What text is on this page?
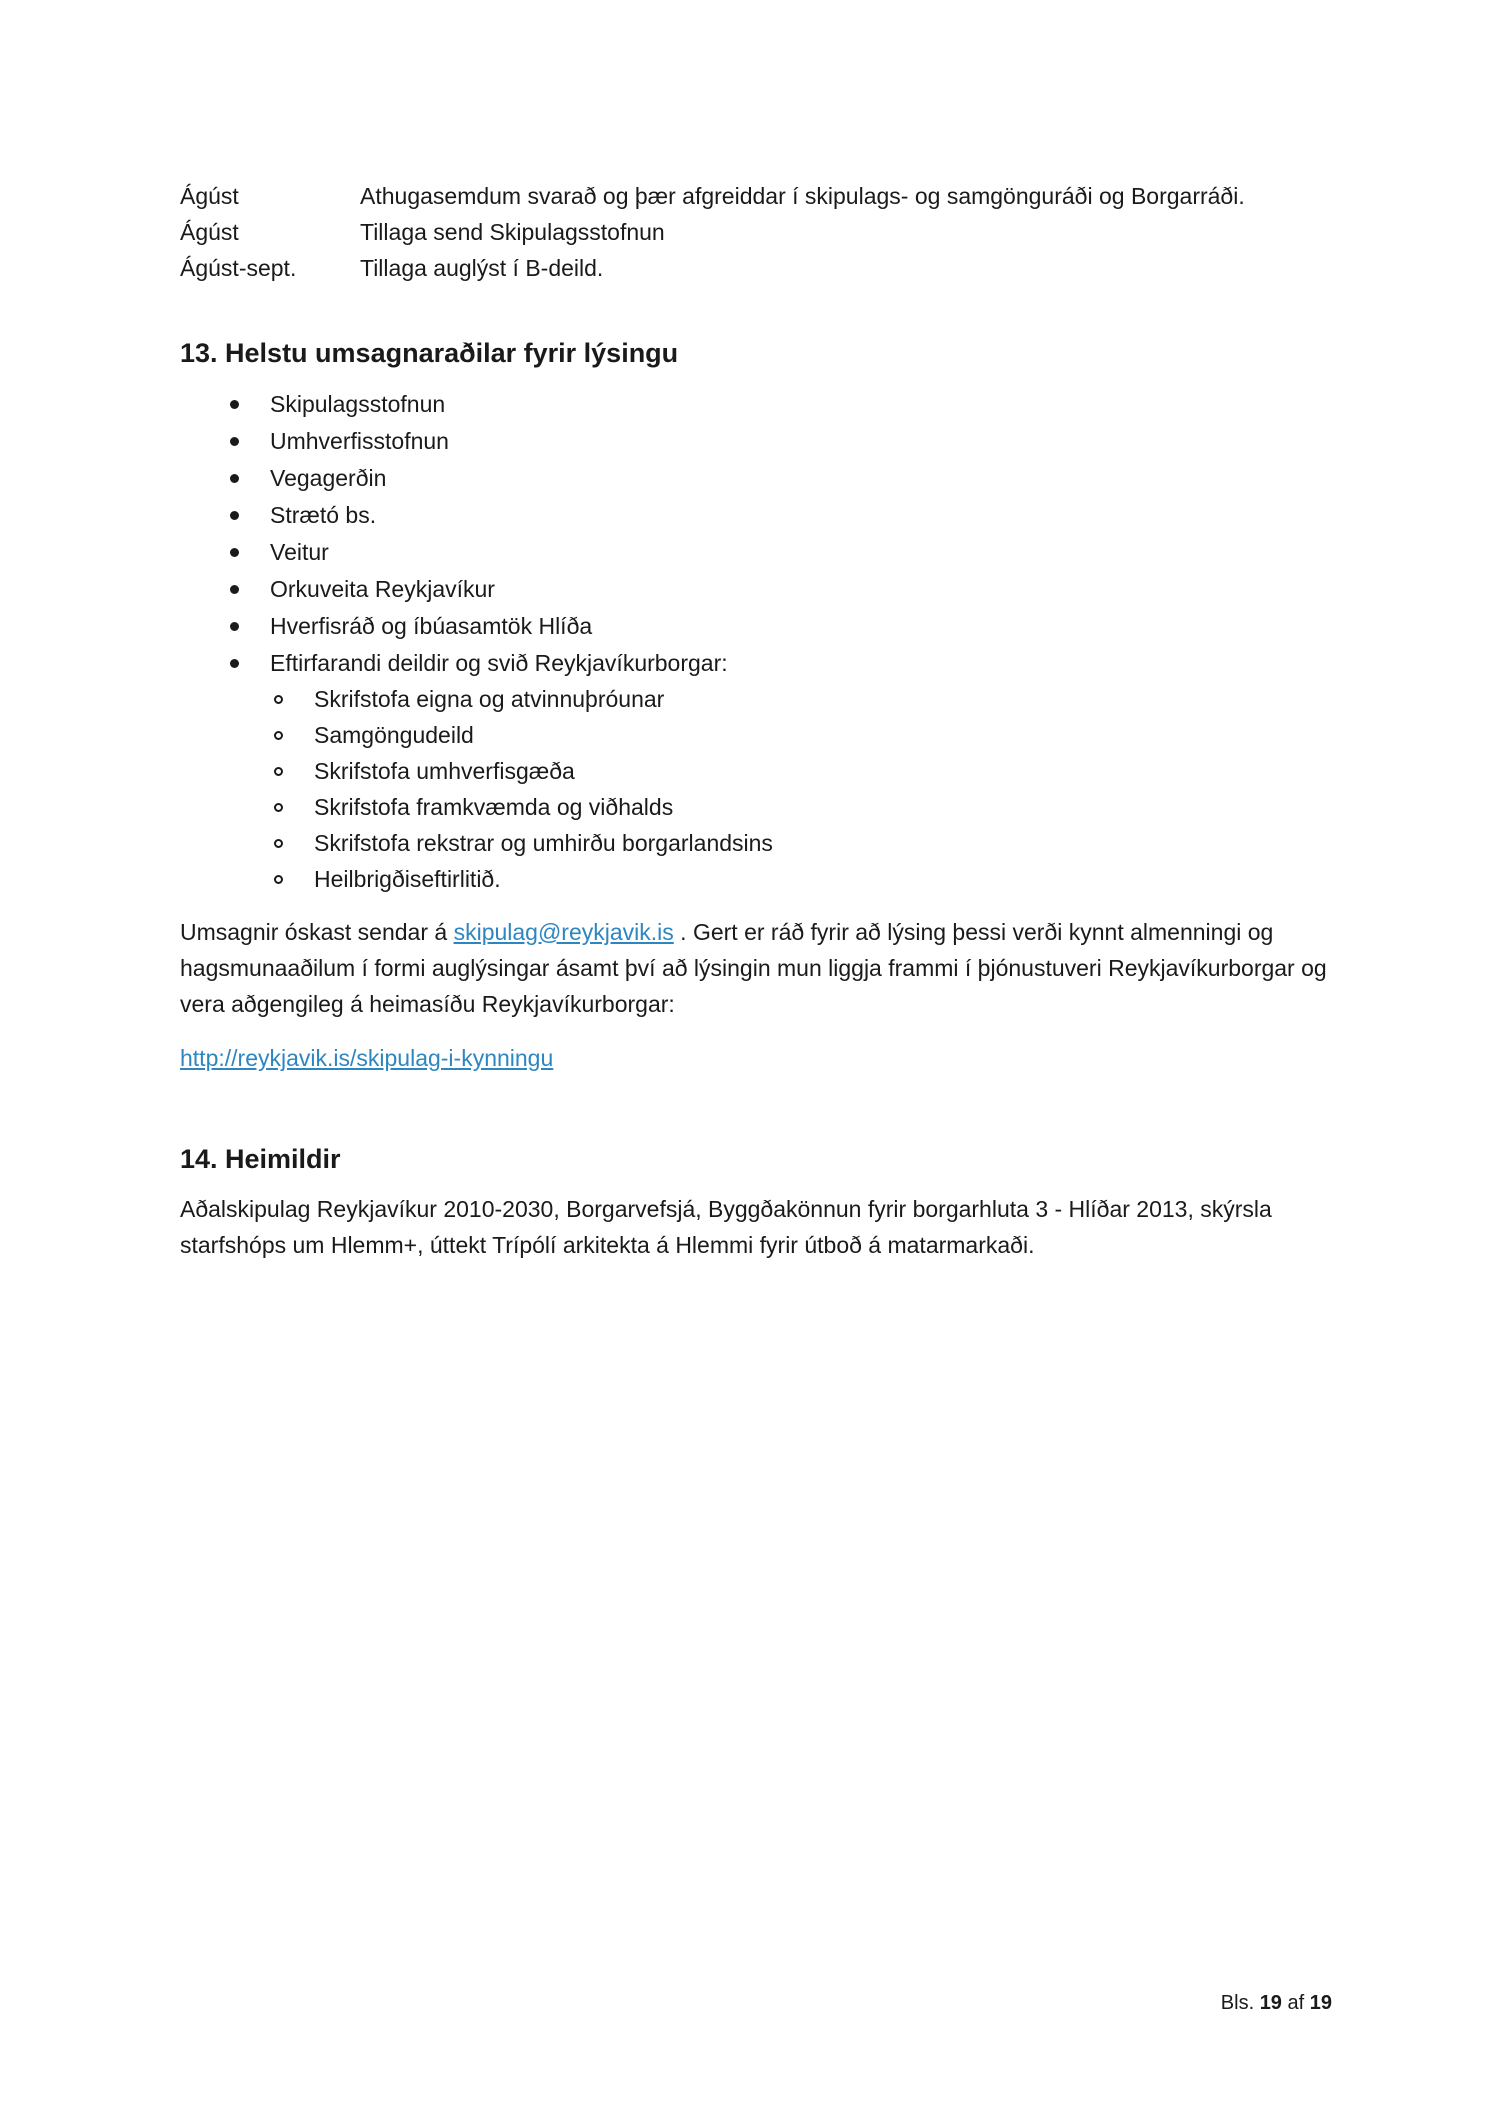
Ágúst	Athugasemdum svarað og þær afgreiddar í skipulags- og samgönguráði og Borgarráði.
Ágúst	Tillaga send Skipulagsstofnun
Ágúst-sept.	Tillaga auglýst í B-deild.
13. Helstu umsagnaraðilar fyrir lýsingu
Skipulagsstofnun
Umhverfisstofnun
Vegagerðin
Strætó bs.
Veitur
Orkuveita Reykjavíkur
Hverfisráð og íbúasamtök Hlíða
Eftirfarandi deildir og svið Reykjavíkurborgar:
Skrifstofa eigna og atvinnuþróunar
Samgöngudeild
Skrifstofa umhverfisgæða
Skrifstofa framkvæmda og viðhalds
Skrifstofa rekstrar og umhirðu borgarlandsins
Heilbrigðiseftirlitið.

Umsagnir óskast sendar á skipulag@reykjavik.is . Gert er ráð fyrir að lýsing þessi verði kynnt almenningi og hagsmunaaðilum í formi auglýsingar ásamt því að lýsingin mun liggja frammi í þjónustuveri Reykjavíkurborgar og vera aðgengileg á heimasíðu Reykjavíkurborgar:

http://reykjavik.is/skipulag-i-kynningu
14. Heimildir

Aðalskipulag Reykjavíkur 2010-2030, Borgarvefsjá, Byggðakönnun fyrir borgarhluta 3 - Hlíðar 2013, skýrsla starfshóps um Hlemm+, úttekt Trípólí arkitekta á Hlemmi fyrir útboð á matarmarkaði.

Bls. 19 af 19
